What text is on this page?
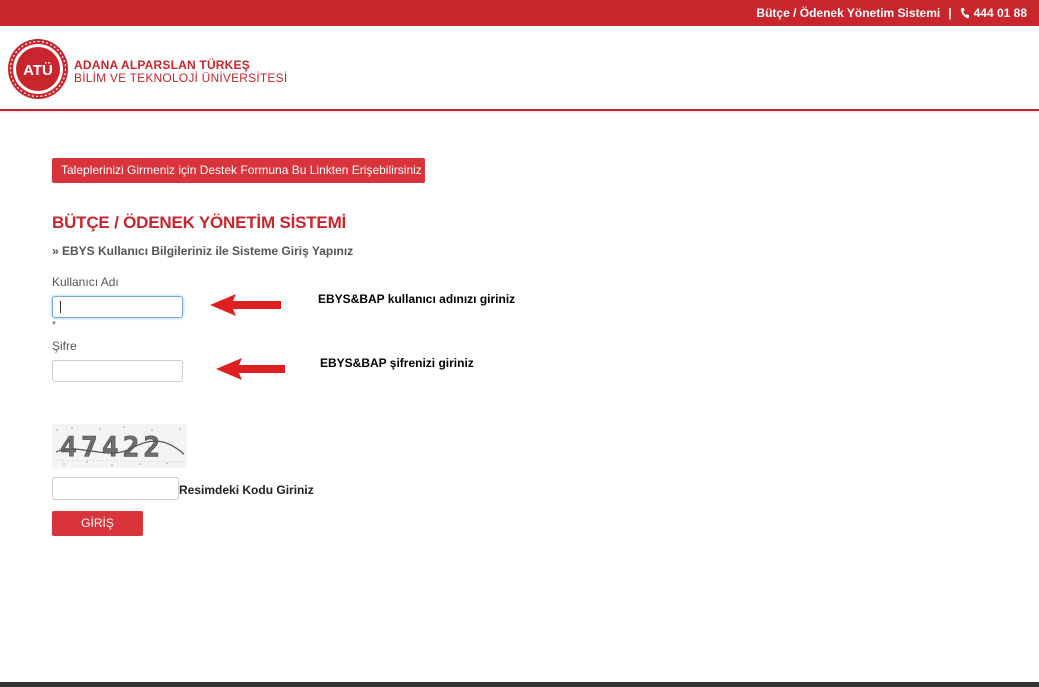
Bütçe / Ödenek Yönetim Sistemi | 444 01 88
ATÜ ADANA ALPARSLAN TÜRKEŞ
BİLİM VE TEKNOLOJİ ÜNİVERSİTESİ
Taleplerinizi Girmeniz için Destek Formuna Bu Linkten Erişebilirsiniz
BÜTÇE / ÖDENEK YÖNETİM SİSTEMİ
» EBYS Kullanıcı Bilgileriniz ile Sisteme Giriş Yapınız
Kullanıcı Adı
*
Şifre
EBYS&BAP kullanıcı adınızı giriniz
EBYS&BAP şifrenizi giriniz
47422
Resimdeki Kodu Giriniz
GİRİŞ
